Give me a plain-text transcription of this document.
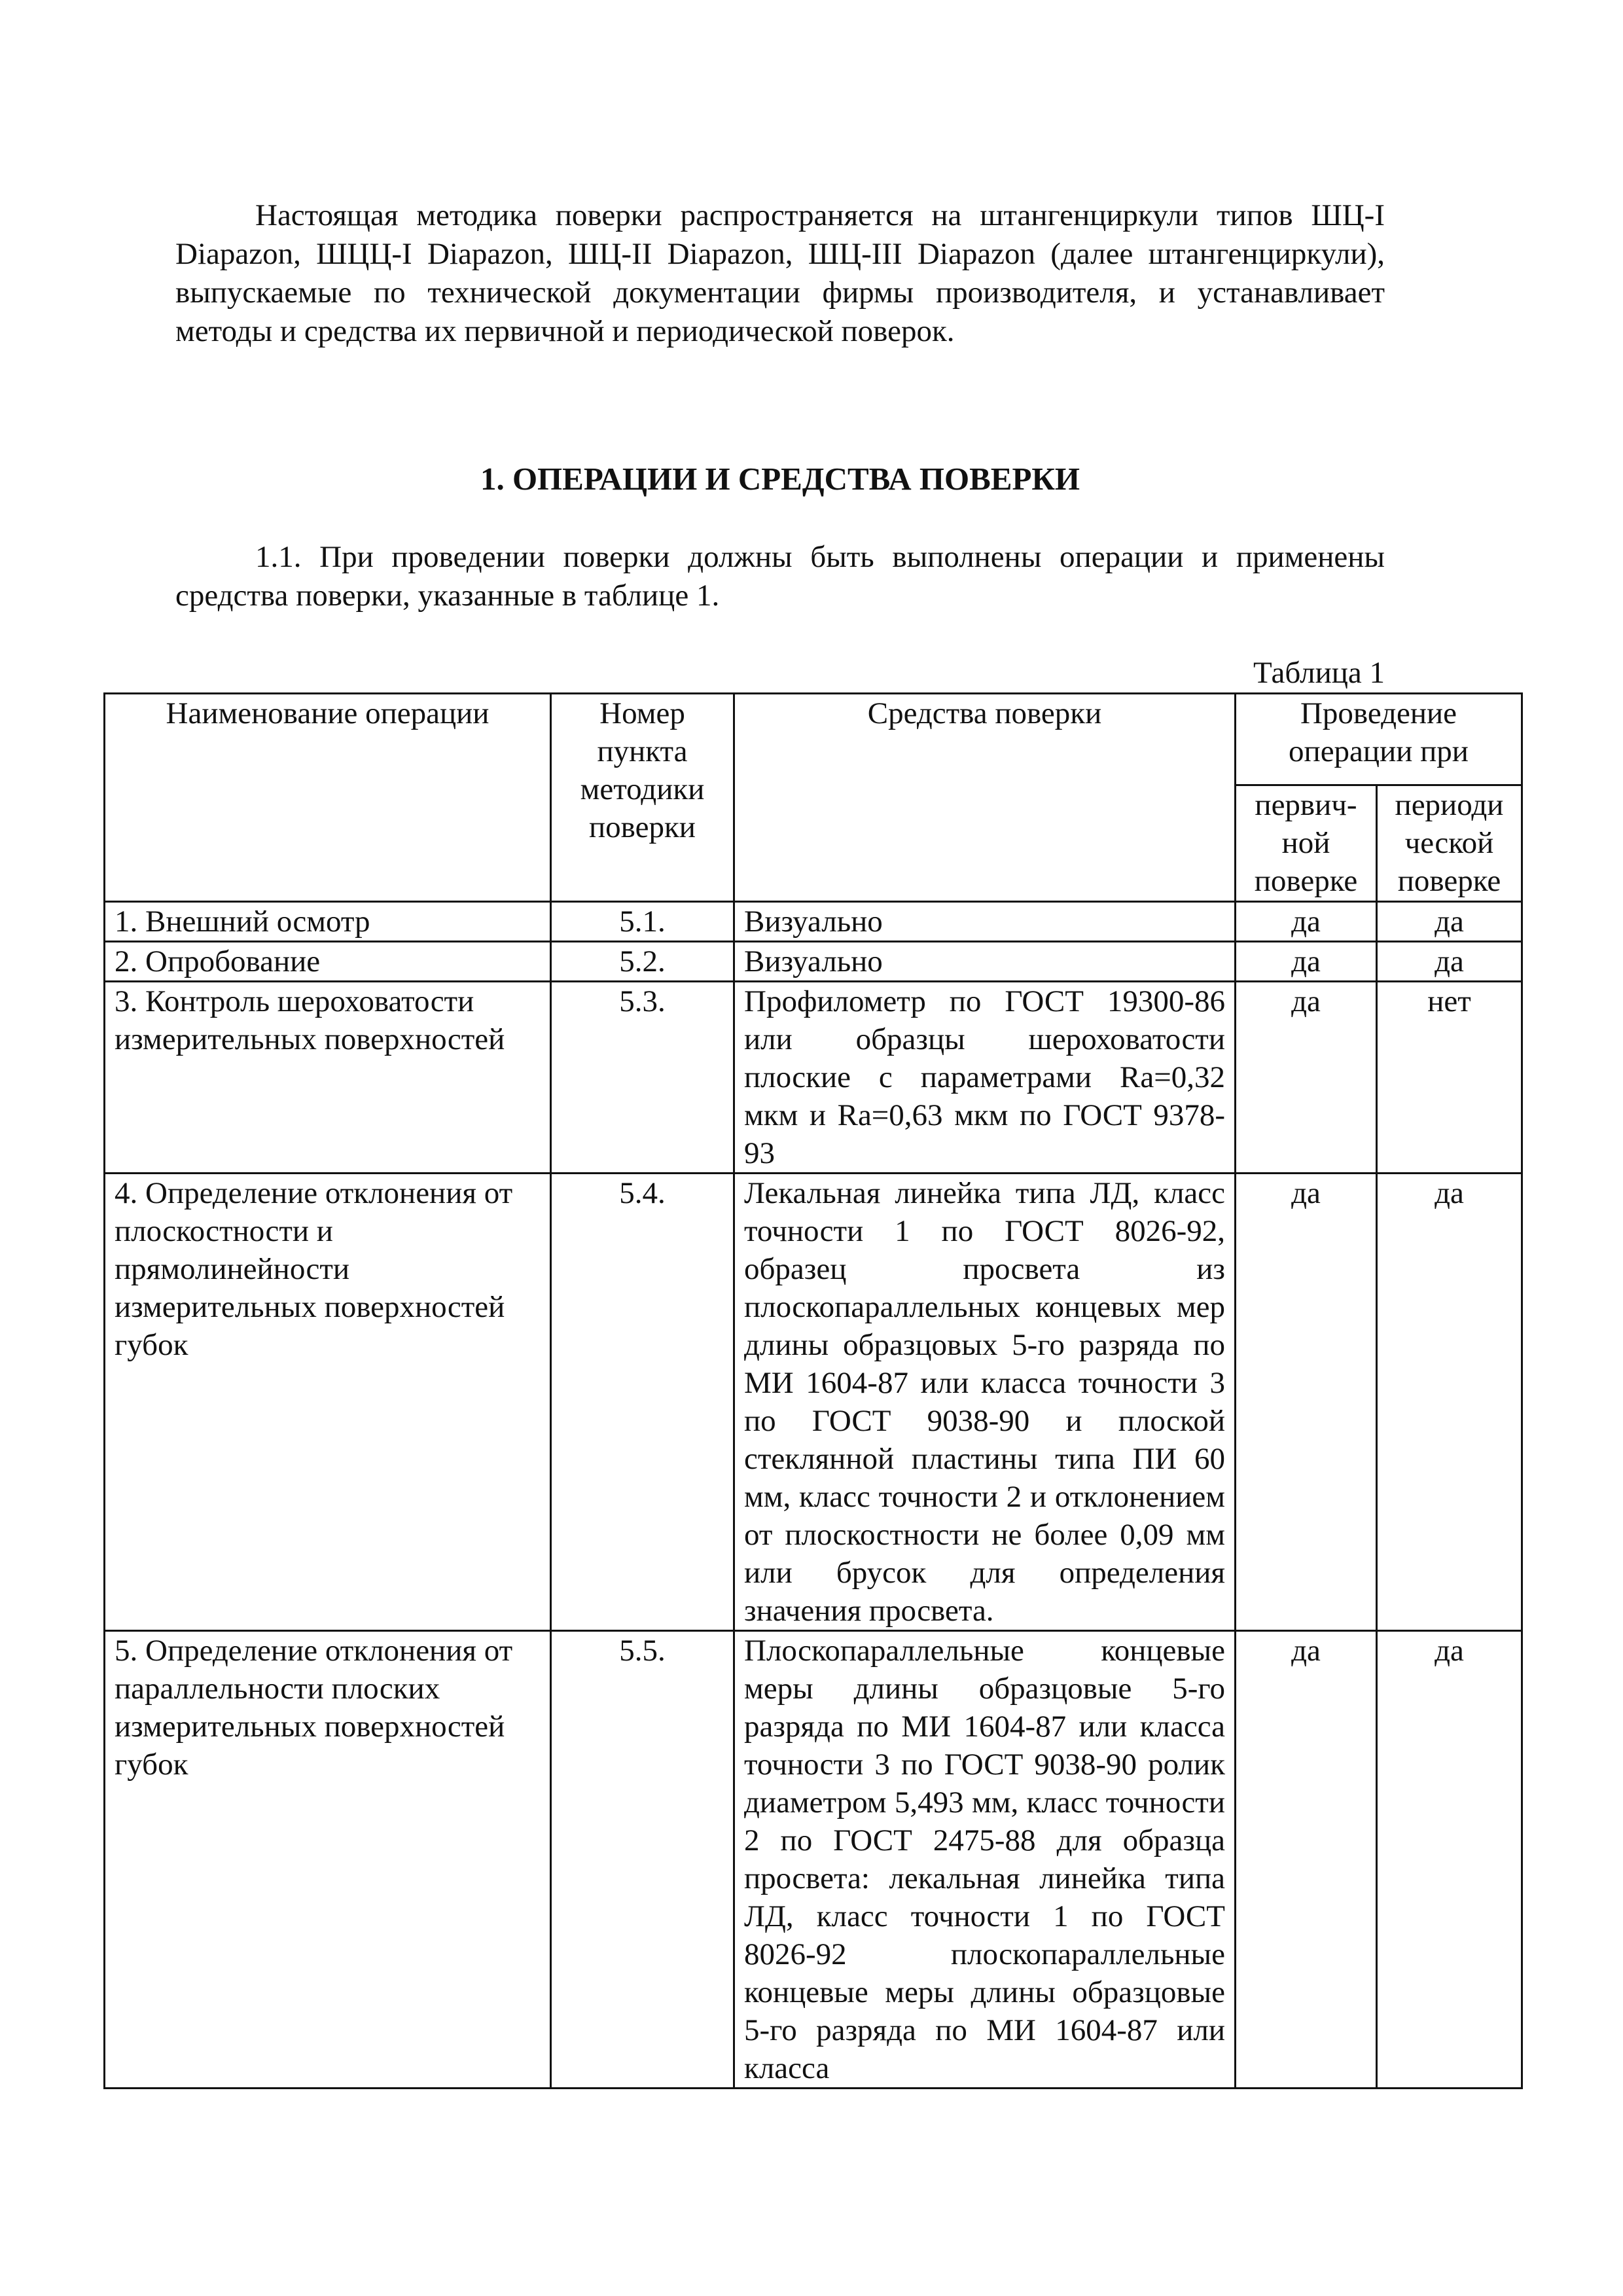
Настоящая методика поверки распространяется на штангенциркули типов ШЦ-I Diapazon, ШЦЦ-I Diapazon, ШЦ-II Diapazon, ШЦ-III Diapazon (далее штангенциркули), выпускаемые по технической документации фирмы производителя, и устанавливает методы и средства их первичной и периодической поверок.

1. ОПЕРАЦИИ И СРЕДСТВА ПОВЕРКИ

1.1. При проведении поверки должны быть выполнены операции и применены средства поверки, указанные в таблице 1.

Таблица 1
Наименование операции	Номер пункта методики поверки	Средства поверки	Проведение операции при	
			первич-ной поверке	периоди ческой поверке
1. Внешний осмотр	5.1.	Визуально	да	да
2. Опробование	5.2.	Визуально	да	да
3. Контроль шероховатости измерительных поверхностей	5.3.	Профилометр по ГОСТ 19300-86 или образцы шероховатости плоские с параметрами Ra=0,32 мкм и Ra=0,63 мкм по ГОСТ 9378-93	да	нет
4. Определение отклонения от плоскостности и прямолинейности измерительных поверхностей губок	5.4.	Лекальная линейка типа ЛД, класс точности 1 по ГОСТ 8026-92, образец просвета из плоскопараллельных концевых мер длины образцовых 5-го разряда по МИ 1604-87 или класса точности 3 по ГОСТ 9038-90 и плоской стеклянной пластины типа ПИ 60 мм, класс точности 2 и отклонением от плоскостности не более 0,09 мм или брусок для определения значения просвета.	да	да
5. Определение отклонения от параллельности плоских измерительных поверхностей губок	5.5.	Плоскопараллельные концевые меры длины образцовые 5-го разряда по МИ 1604-87 или класса точности 3 по ГОСТ 9038-90 ролик диаметром 5,493 мм, класс точности 2 по ГОСТ 2475-88 для образца просвета: лекальная линейка типа ЛД, класс точности 1 по ГОСТ 8026-92 плоскопараллельные концевые меры длины образцовые 5-го разряда по МИ 1604-87 или класса	да	да
